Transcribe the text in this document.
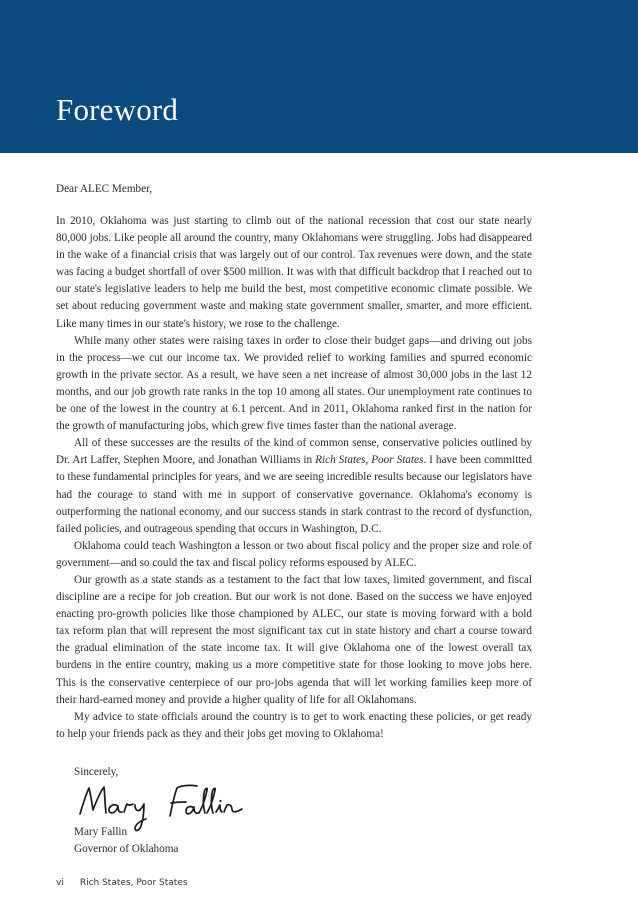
Foreword

Dear ALEC Member,

In 2010, Oklahoma was just starting to climb out of the national recession that cost our state nearly 80,000 jobs. Like people all around the country, many Oklahomans were struggling. Jobs had disappeared in the wake of a financial crisis that was largely out of our control. Tax revenues were down, and the state was facing a budget shortfall of over $500 million. It was with that difficult backdrop that I reached out to our state's legislative leaders to help me build the best, most competitive economic climate possible. We set about reducing government waste and making state government smaller, smarter, and more efficient. Like many times in our state's history, we rose to the challenge.

While many other states were raising taxes in order to close their budget gaps—and driving out jobs in the process—we cut our income tax. We provided relief to working families and spurred economic growth in the private sector. As a result, we have seen a net increase of almost 30,000 jobs in the last 12 months, and our job growth rate ranks in the top 10 among all states. Our unemployment rate continues to be one of the lowest in the country at 6.1 percent. And in 2011, Oklahoma ranked first in the nation for the growth of manufacturing jobs, which grew five times faster than the national average.

All of these successes are the results of the kind of common sense, conservative policies outlined by Dr. Art Laffer, Stephen Moore, and Jonathan Williams in Rich States, Poor States. I have been committed to these fundamental principles for years, and we are seeing incredible results because our legislators have had the courage to stand with me in support of conservative governance. Oklahoma's economy is outperforming the national economy, and our success stands in stark contrast to the record of dysfunction, failed policies, and outrageous spending that occurs in Washington, D.C.

Oklahoma could teach Washington a lesson or two about fiscal policy and the proper size and role of government—and so could the tax and fiscal policy reforms espoused by ALEC.

Our growth as a state stands as a testament to the fact that low taxes, limited government, and fiscal discipline are a recipe for job creation. But our work is not done. Based on the success we have enjoyed enacting pro-growth policies like those championed by ALEC, our state is moving forward with a bold tax reform plan that will represent the most significant tax cut in state history and chart a course toward the gradual elimination of the state income tax. It will give Oklahoma one of the lowest overall tax burdens in the entire country, making us a more competitive state for those looking to move jobs here. This is the conservative centerpiece of our pro-jobs agenda that will let working families keep more of their hard-earned money and provide a higher quality of life for all Oklahomans.

My advice to state officials around the country is to get to work enacting these policies, or get ready to help your friends pack as they and their jobs get moving to Oklahoma!

Sincerely,

Mary Fallin
Governor of Oklahoma

vi Rich States, Poor States
